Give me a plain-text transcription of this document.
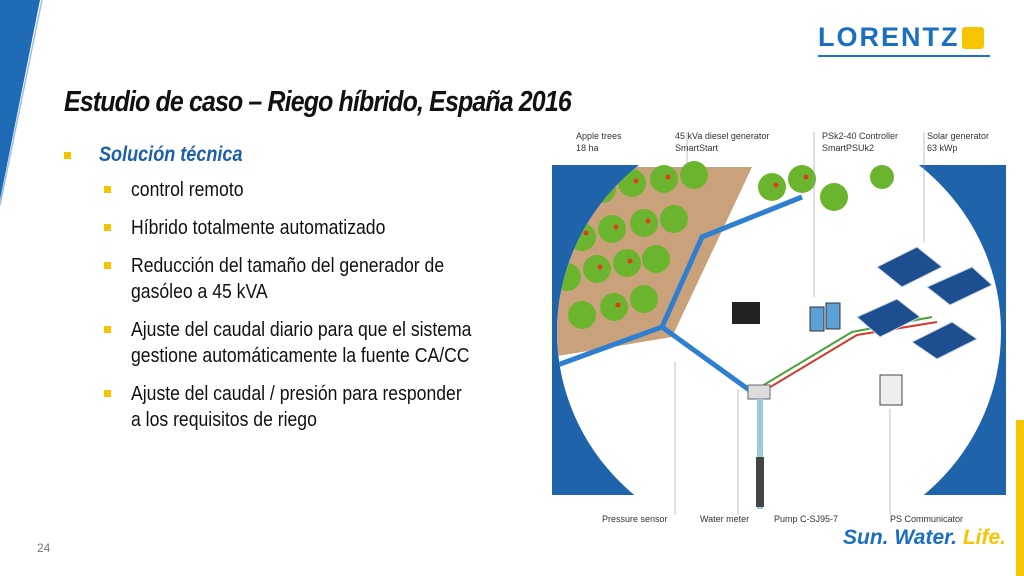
LORENTZ
Estudio de caso – Riego híbrido, España 2016
Solución técnica
control remoto
Híbrido totalmente automatizado
Reducción del tamaño del generador de
gasóleo a 45 kVA
Ajuste del caudal diario para que el sistema
gestione automáticamente la fuente CA/CC
Ajuste del caudal / presión para responder
a los requisitos de riego
Apple trees
18 ha
45 kVa diesel generator
SmartStart
PSk2-40 Controller
SmartPSUk2
Solar generator
63 kWp
Pressure sensor	Water meter	Pump C-SJ95-7	PS Communicator
24	Sun. Water. Life.
